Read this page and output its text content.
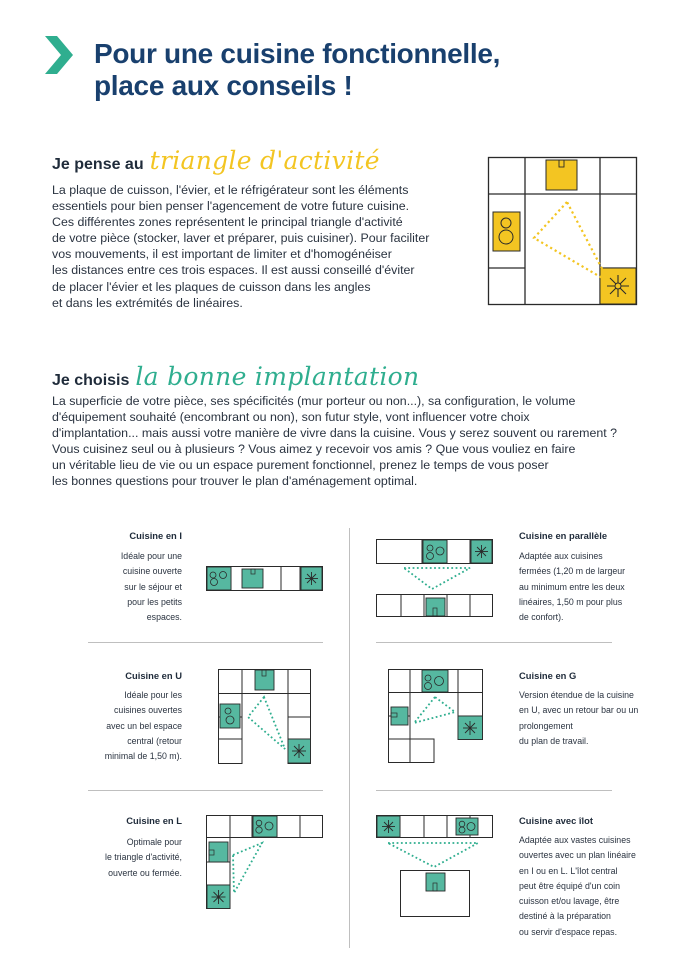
Pour une cuisine fonctionnelle,
place aux conseils !
Je pense au triangle d'activité

La plaque de cuisson, l'évier, et le réfrigérateur sont les éléments
essentiels pour bien penser l'agencement de votre future cuisine.
Ces différentes zones représentent le principal triangle d'activité
de votre pièce (stocker, laver et préparer, puis cuisiner). Pour faciliter
vos mouvements, il est important de limiter et d'homogénéiser
les distances entre ces trois espaces. Il est aussi conseillé d'éviter
de placer l'évier et les plaques de cuisson dans les angles
et dans les extrémités de linéaires.

Je choisis la bonne implantation

La superficie de votre pièce, ses spécificités (mur porteur ou non...), sa configuration, le volume
d'équipement souhaité (encombrant ou non), son futur style, vont influencer votre choix
d'implantation... mais aussi votre manière de vivre dans la cuisine. Vous y serez souvent ou rarement ?
Vous cuisinez seul ou à plusieurs ? Vous aimez y recevoir vos amis ? Que vous vouliez en faire
un véritable lieu de vie ou un espace purement fonctionnel, prenez le temps de vous poser
les bonnes questions pour trouver le plan d'aménagement optimal.

Cuisine en I

Idéale pour une
cuisine ouverte
sur le séjour et
pour les petits
espaces.

Cuisine en parallèle

Adaptée aux cuisines
fermées (1,20 m de largeur
au minimum entre les deux
linéaires, 1,50 m pour plus
de confort).

Cuisine en U

Idéale pour les
cuisines ouvertes
avec un bel espace
central (retour
minimal de 1,50 m).

Cuisine en G

Version étendue de la cuisine
en U, avec un retour bar ou un
prolongement
du plan de travail.

Cuisine en L

Optimale pour
le triangle d'activité,
ouverte ou fermée.

Cuisine avec îlot

Adaptée aux vastes cuisines
ouvertes avec un plan linéaire
en I ou en L. L'îlot central
peut être équipé d'un coin
cuisson et/ou lavage, être
destiné à la préparation
ou servir d'espace repas.
